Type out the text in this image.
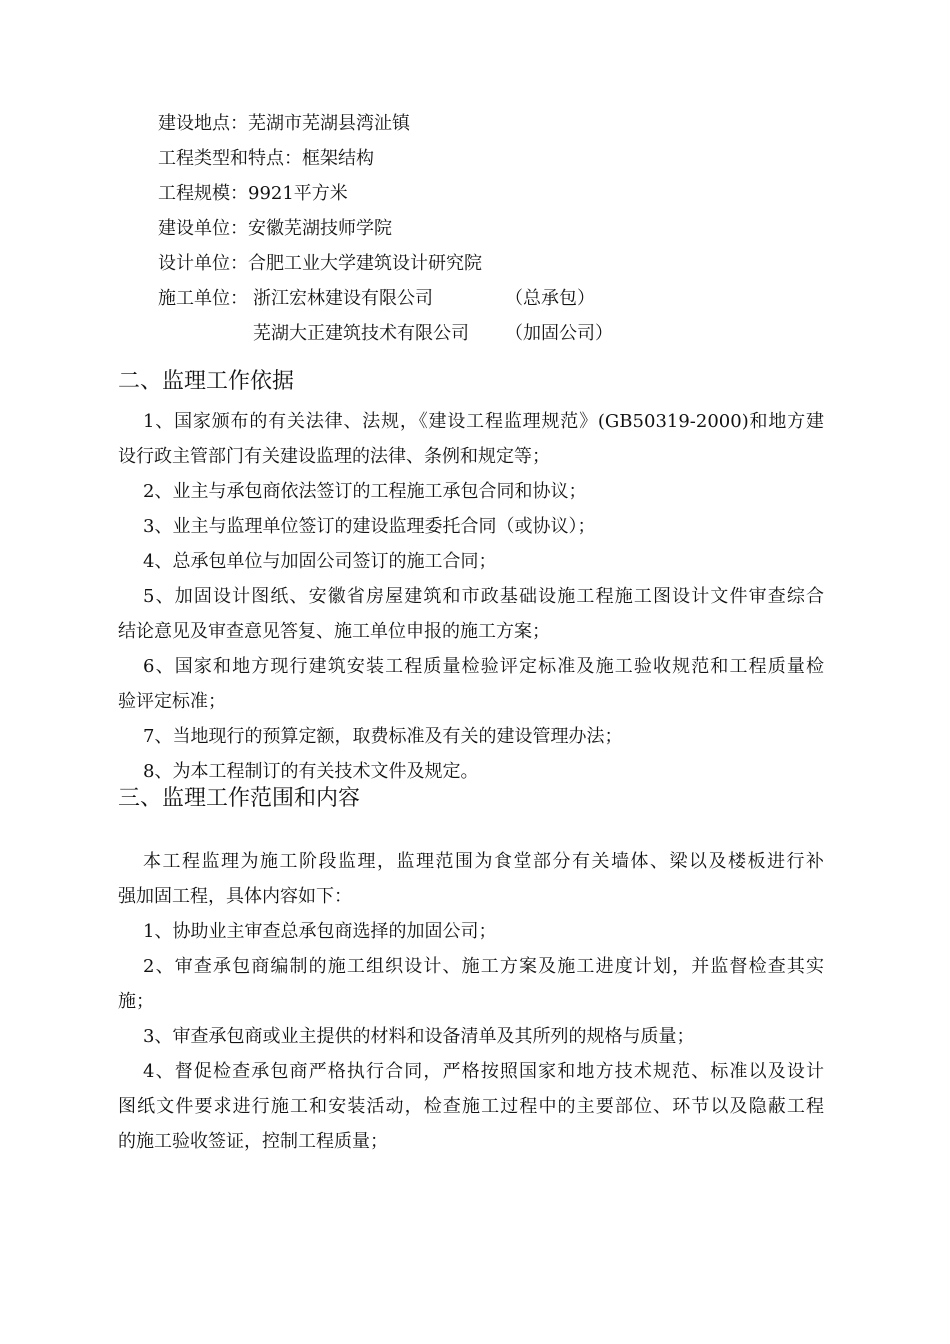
建设地点：芜湖市芜湖县湾沚镇
工程类型和特点：框架结构
工程规模：9921平方米
建设单位：安徽芜湖技师学院
设计单位：合肥工业大学建筑设计研究院
施工单位： 浙江宏林建设有限公司	（总承包）
芜湖大正建筑技术有限公司 （加固公司）
二、监理工作依据
1、国家颁布的有关法律、法规，《建设工程监理规范》(GB50319-2000)和地方建
设行政主管部门有关建设监理的法律、条例和规定等；
2、业主与承包商依法签订的工程施工承包合同和协议；
3、业主与监理单位签订的建设监理委托合同（或协议）；
4、总承包单位与加固公司签订的施工合同；
5、加固设计图纸、安徽省房屋建筑和市政基础设施工程施工图设计文件审查综合
结论意见及审查意见答复、施工单位申报的施工方案；
6、国家和地方现行建筑安装工程质量检验评定标准及施工验收规范和工程质量检
验评定标准；
7、当地现行的预算定额，取费标准及有关的建设管理办法；
8、为本工程制订的有关技术文件及规定。
三、监理工作范围和内容
本工程监理为施工阶段监理，监理范围为食堂部分有关墙体、梁以及楼板进行补
强加固工程，具体内容如下：
1、协助业主审查总承包商选择的加固公司；
2、审查承包商编制的施工组织设计、施工方案及施工进度计划，并监督检查其实
施；
3、审查承包商或业主提供的材料和设备清单及其所列的规格与质量；
4、督促检查承包商严格执行合同，严格按照国家和地方技术规范、标准以及设计
图纸文件要求进行施工和安装活动，检查施工过程中的主要部位、环节以及隐蔽工程
的施工验收签证，控制工程质量；
